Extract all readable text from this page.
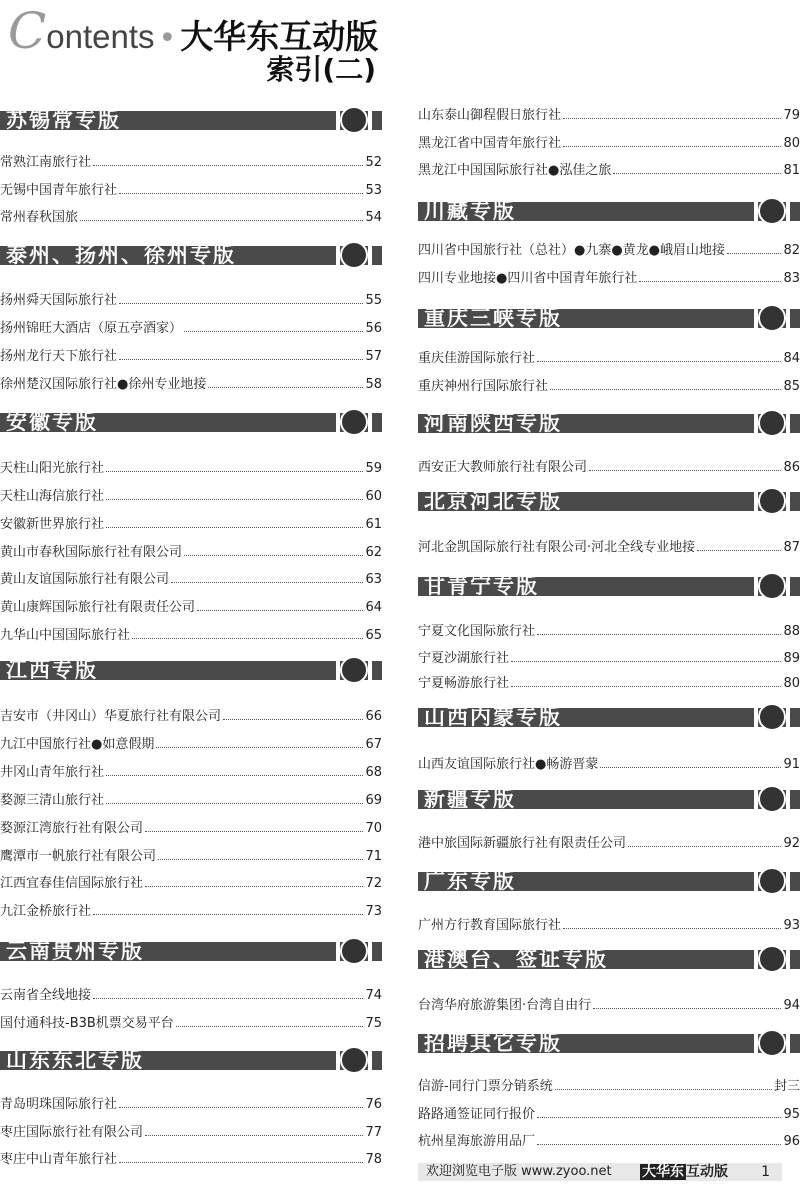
Contents • 大华东互动版
索引(二)
苏锡常专版
常熟江南旅行社	52
无锡中国青年旅行社	53
常州春秋国旅	54
泰州、扬州、徐州专版
扬州舜天国际旅行社	55
扬州锦旺大酒店（原五亭酒家）	56
扬州龙行天下旅行社	57
徐州楚汉国际旅行社●徐州专业地接	58
安徽专版
天柱山阳光旅行社	59
天柱山海信旅行社	60
安徽新世界旅行社	61
黄山市春秋国际旅行社有限公司	62
黄山友谊国际旅行社有限公司	63
黄山康辉国际旅行社有限责任公司	64
九华山中国国际旅行社	65
江西专版
吉安市（井冈山）华夏旅行社有限公司	66
九江中国旅行社●如意假期	67
井冈山青年旅行社	68
婺源三清山旅行社	69
婺源江湾旅行社有限公司	70
鹰潭市一帆旅行社有限公司	71
江西宜春佳信国际旅行社	72
九江金桥旅行社	73
云南贵州专版
云南省全线地接	74
国付通科技-B3B机票交易平台	75
山东东北专版
青岛明珠国际旅行社	76
枣庄国际旅行社有限公司	77
枣庄中山青年旅行社	78
山东泰山御程假日旅行社	79
黑龙江省中国青年旅行社	80
黑龙江中国国际旅行社●泓佳之旅	81
川藏专版
四川省中国旅行社（总社）●九寨●黄龙●峨眉山地接	82
四川专业地接●四川省中国青年旅行社	83
重庆三峡专版
重庆佳游国际旅行社	84
重庆神州行国际旅行社	85
河南陕西专版
西安正大教师旅行社有限公司	86
北京河北专版
河北金凯国际旅行社有限公司·河北全线专业地接	87
甘青宁专版
宁夏文化国际旅行社	88
宁夏沙湖旅行社	89
宁夏畅游旅行社	80
山西内蒙专版
山西友谊国际旅行社●畅游晋蒙	91
新疆专版
港中旅国际新疆旅行社有限责任公司	92
广东专版
广州方行教育国际旅行社	93
港澳台、签证专版
台湾华府旅游集团·台湾自由行	94
招聘其它专版
信游-同行门票分销系统	封三
路路通签证同行报价	95
杭州星海旅游用品厂	96
欢迎浏览电子版 www.zyoo.net 大华东 互动版 1
